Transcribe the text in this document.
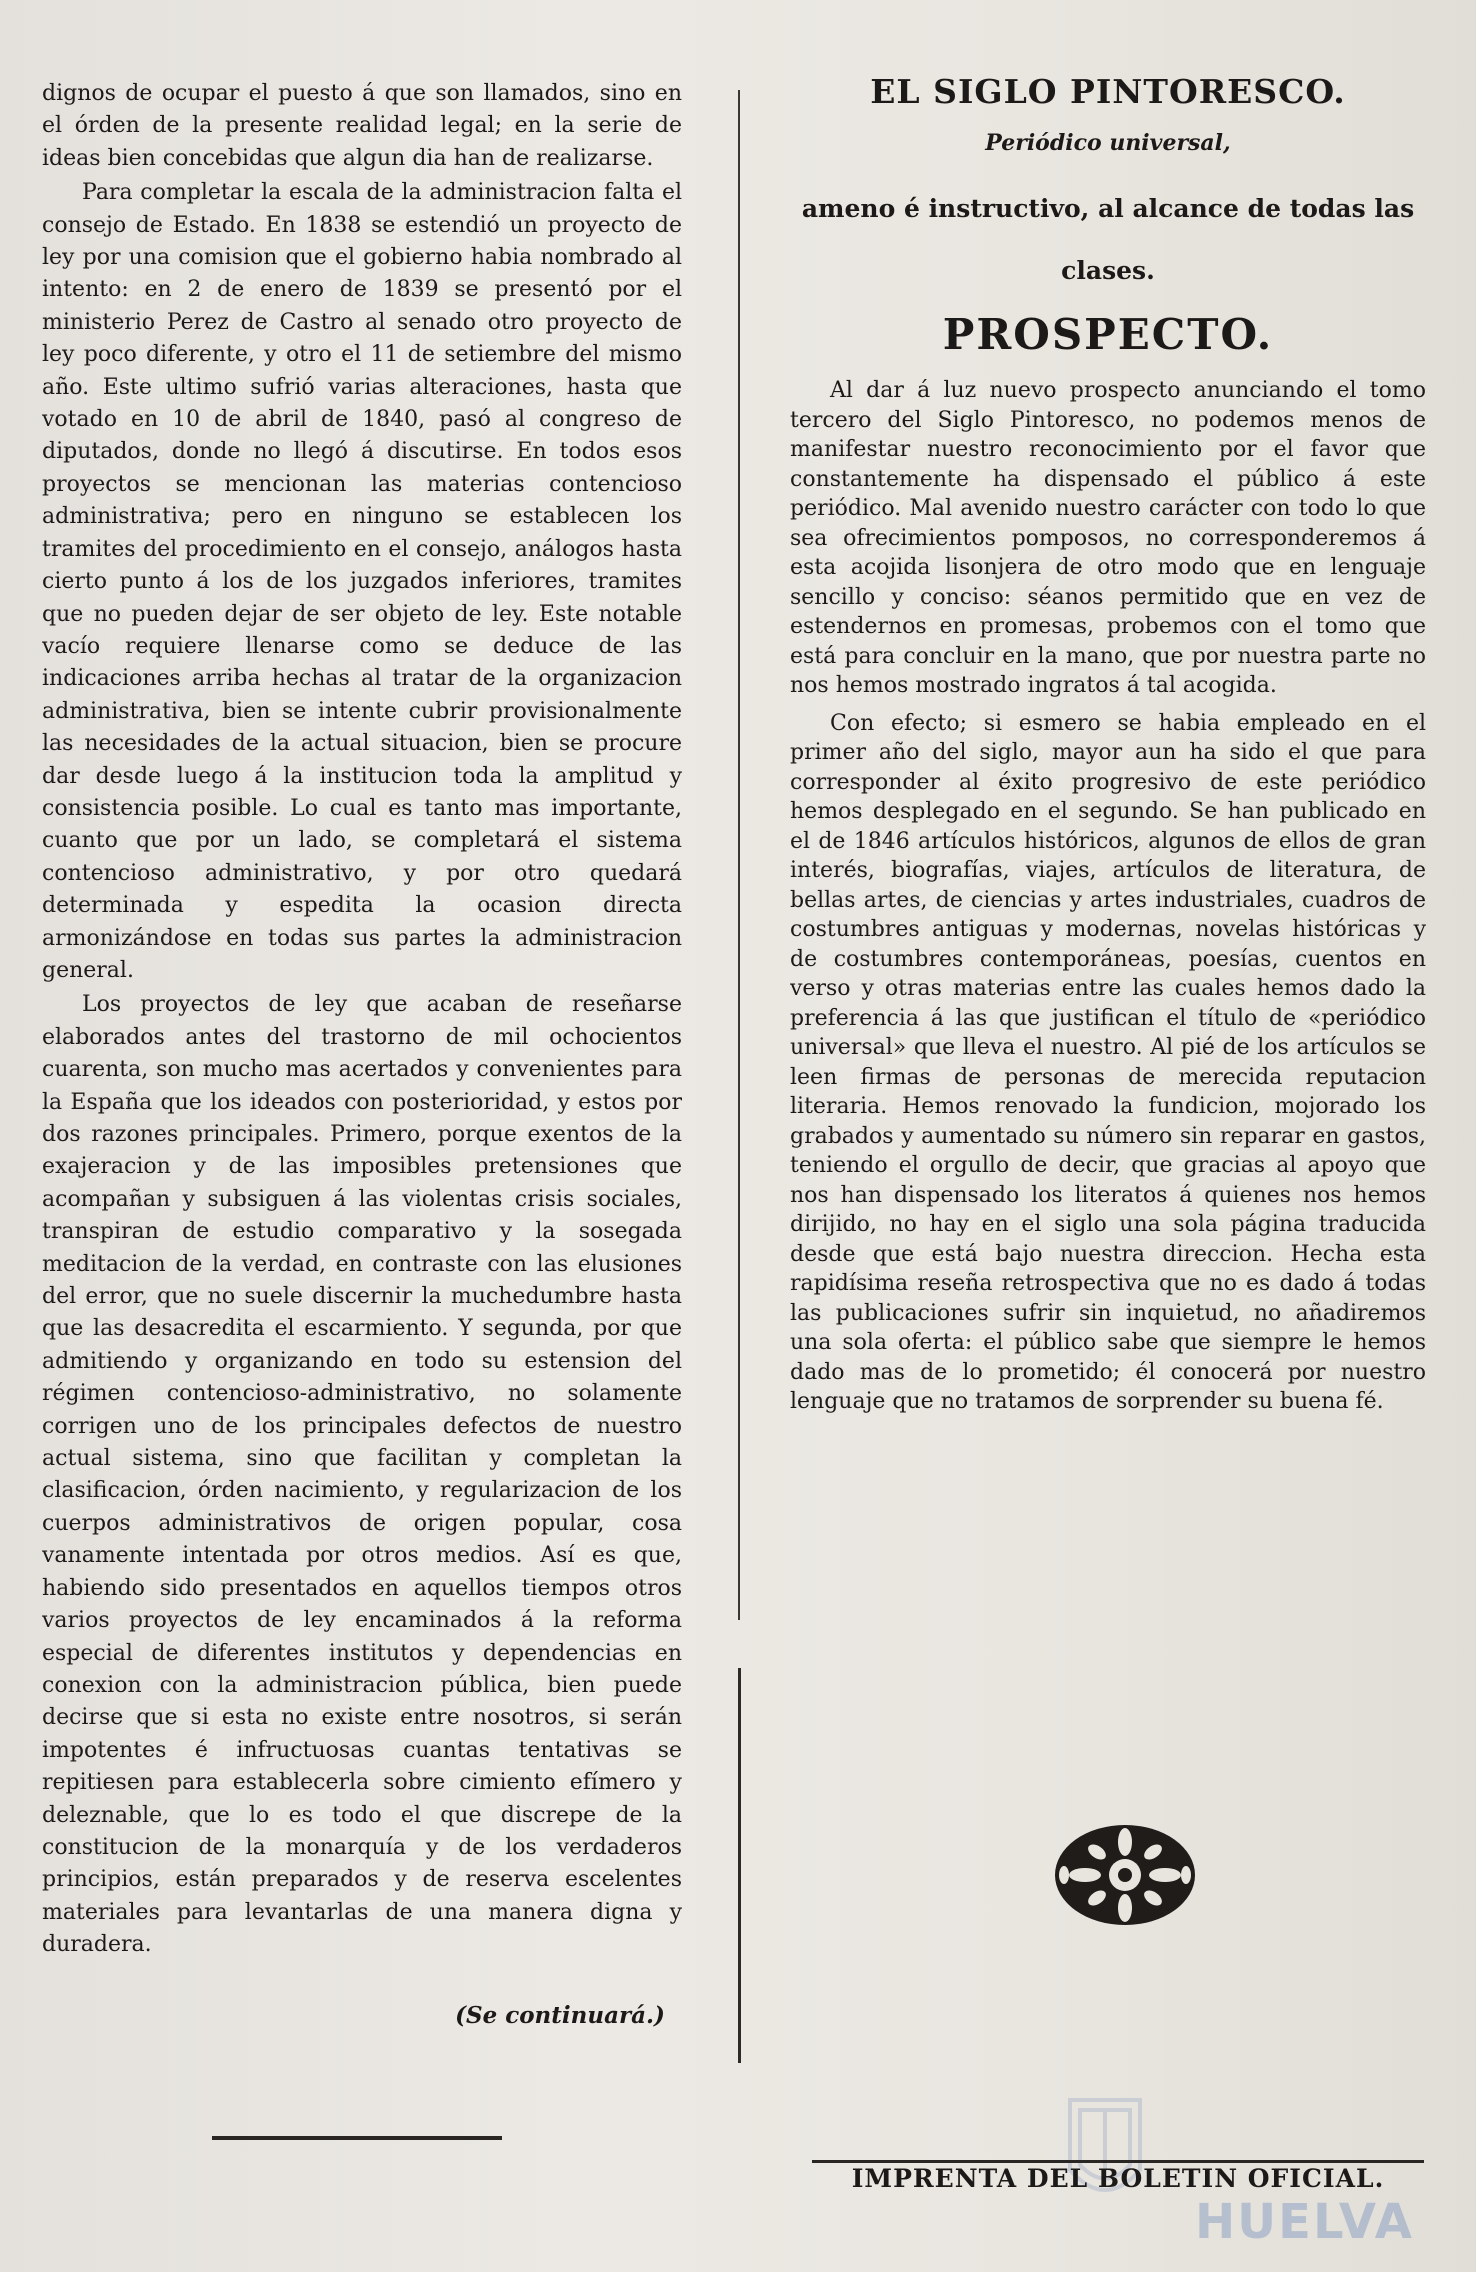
dignos de ocupar el puesto á que son llamados, sino en el órden de la presente realidad legal; en la serie de ideas bien concebidas que algun dia han de realizarse.

Para completar la escala de la administracion falta el consejo de Estado. En 1838 se estendió un proyecto de ley por una comision que el gobierno habia nombrado al intento: en 2 de enero de 1839 se presentó por el ministerio Perez de Castro al senado otro proyecto de ley poco diferente, y otro el 11 de setiembre del mismo año. Este ultimo sufrió varias alteraciones, hasta que votado en 10 de abril de 1840, pasó al congreso de diputados, donde no llegó á discutirse. En todos esos proyectos se mencionan las materias contencioso administrativa; pero en ninguno se establecen los tramites del procedimiento en el consejo, análogos hasta cierto punto á los de los juzgados inferiores, tramites que no pueden dejar de ser objeto de ley. Este notable vacío requiere llenarse como se deduce de las indicaciones arriba hechas al tratar de la organizacion administrativa, bien se intente cubrir provisionalmente las necesidades de la actual situacion, bien se procure dar desde luego á la institucion toda la amplitud y consistencia posible. Lo cual es tanto mas importante, cuanto que por un lado, se completará el sistema contencioso administrativo, y por otro quedará determinada y espedita la ocasion directa armonizándose en todas sus partes la administracion general.

Los proyectos de ley que acaban de reseñarse elaborados antes del trastorno de mil ochocientos cuarenta, son mucho mas acertados y convenientes para la España que los ideados con posterioridad, y estos por dos razones principales. Primero, porque exentos de la exajeracion y de las imposibles pretensiones que acompañan y subsiguen á las violentas crisis sociales, transpiran de estudio comparativo y la sosegada meditacion de la verdad, en contraste con las elusiones del error, que no suele discernir la muchedumbre hasta que las desacredita el escarmiento. Y segunda, por que admitiendo y organizando en todo su estension del régimen contencioso-administrativo, no solamente corrigen uno de los principales defectos de nuestro actual sistema, sino que facilitan y completan la clasificacion, órden nacimiento, y regularizacion de los cuerpos administrativos de origen popular, cosa vanamente intentada por otros medios. Así es que, habiendo sido presentados en aquellos tiempos otros varios proyectos de ley encaminados á la reforma especial de diferentes institutos y dependencias en conexion con la administracion pública, bien puede decirse que si esta no existe entre nosotros, si serán impotentes é infructuosas cuantas tentativas se repitiesen para establecerla sobre cimiento efímero y deleznable, que lo es todo el que discrepe de la constitucion de la monarquía y de los verdaderos principios, están preparados y de reserva escelentes materiales para levantarlas de una manera digna y duradera.

(Se continuará.)
EL SIGLO PINTORESCO.
Periódico universal,
ameno é instructivo, al alcance de todas las clases.
PROSPECTO.

Al dar á luz nuevo prospecto anunciando el tomo tercero del Siglo Pintoresco, no podemos menos de manifestar nuestro reconocimiento por el favor que constantemente ha dispensado el público á este periódico. Mal avenido nuestro carácter con todo lo que sea ofrecimientos pomposos, no corresponderemos á esta acojida lisonjera de otro modo que en lenguaje sencillo y conciso: séanos permitido que en vez de estendernos en promesas, probemos con el tomo que está para concluir en la mano, que por nuestra parte no nos hemos mostrado ingratos á tal acogida.

Con efecto; si esmero se habia empleado en el primer año del siglo, mayor aun ha sido el que para corresponder al éxito progresivo de este periódico hemos desplegado en el segundo. Se han publicado en el de 1846 artículos históricos, algunos de ellos de gran interés, biografías, viajes, artículos de literatura, de bellas artes, de ciencias y artes industriales, cuadros de costumbres antiguas y modernas, novelas históricas y de costumbres contemporáneas, poesías, cuentos en verso y otras materias entre las cuales hemos dado la preferencia á las que justifican el título de «periódico universal» que lleva el nuestro. Al pié de los artículos se leen firmas de personas de merecida reputacion literaria. Hemos renovado la fundicion, mojorado los grabados y aumentado su número sin reparar en gastos, teniendo el orgullo de decir, que gracias al apoyo que nos han dispensado los literatos á quienes nos hemos dirijido, no hay en el siglo una sola página traducida desde que está bajo nuestra direccion. Hecha esta rapidísima reseña retrospectiva que no es dado á todas las publicaciones sufrir sin inquietud, no añadiremos una sola oferta: el público sabe que siempre le hemos dado mas de lo prometido; él conocerá por nuestro lenguaje que no tratamos de sorprender su buena fé.

HUELVA
IMPRENTA DEL BOLETIN OFICIAL.
